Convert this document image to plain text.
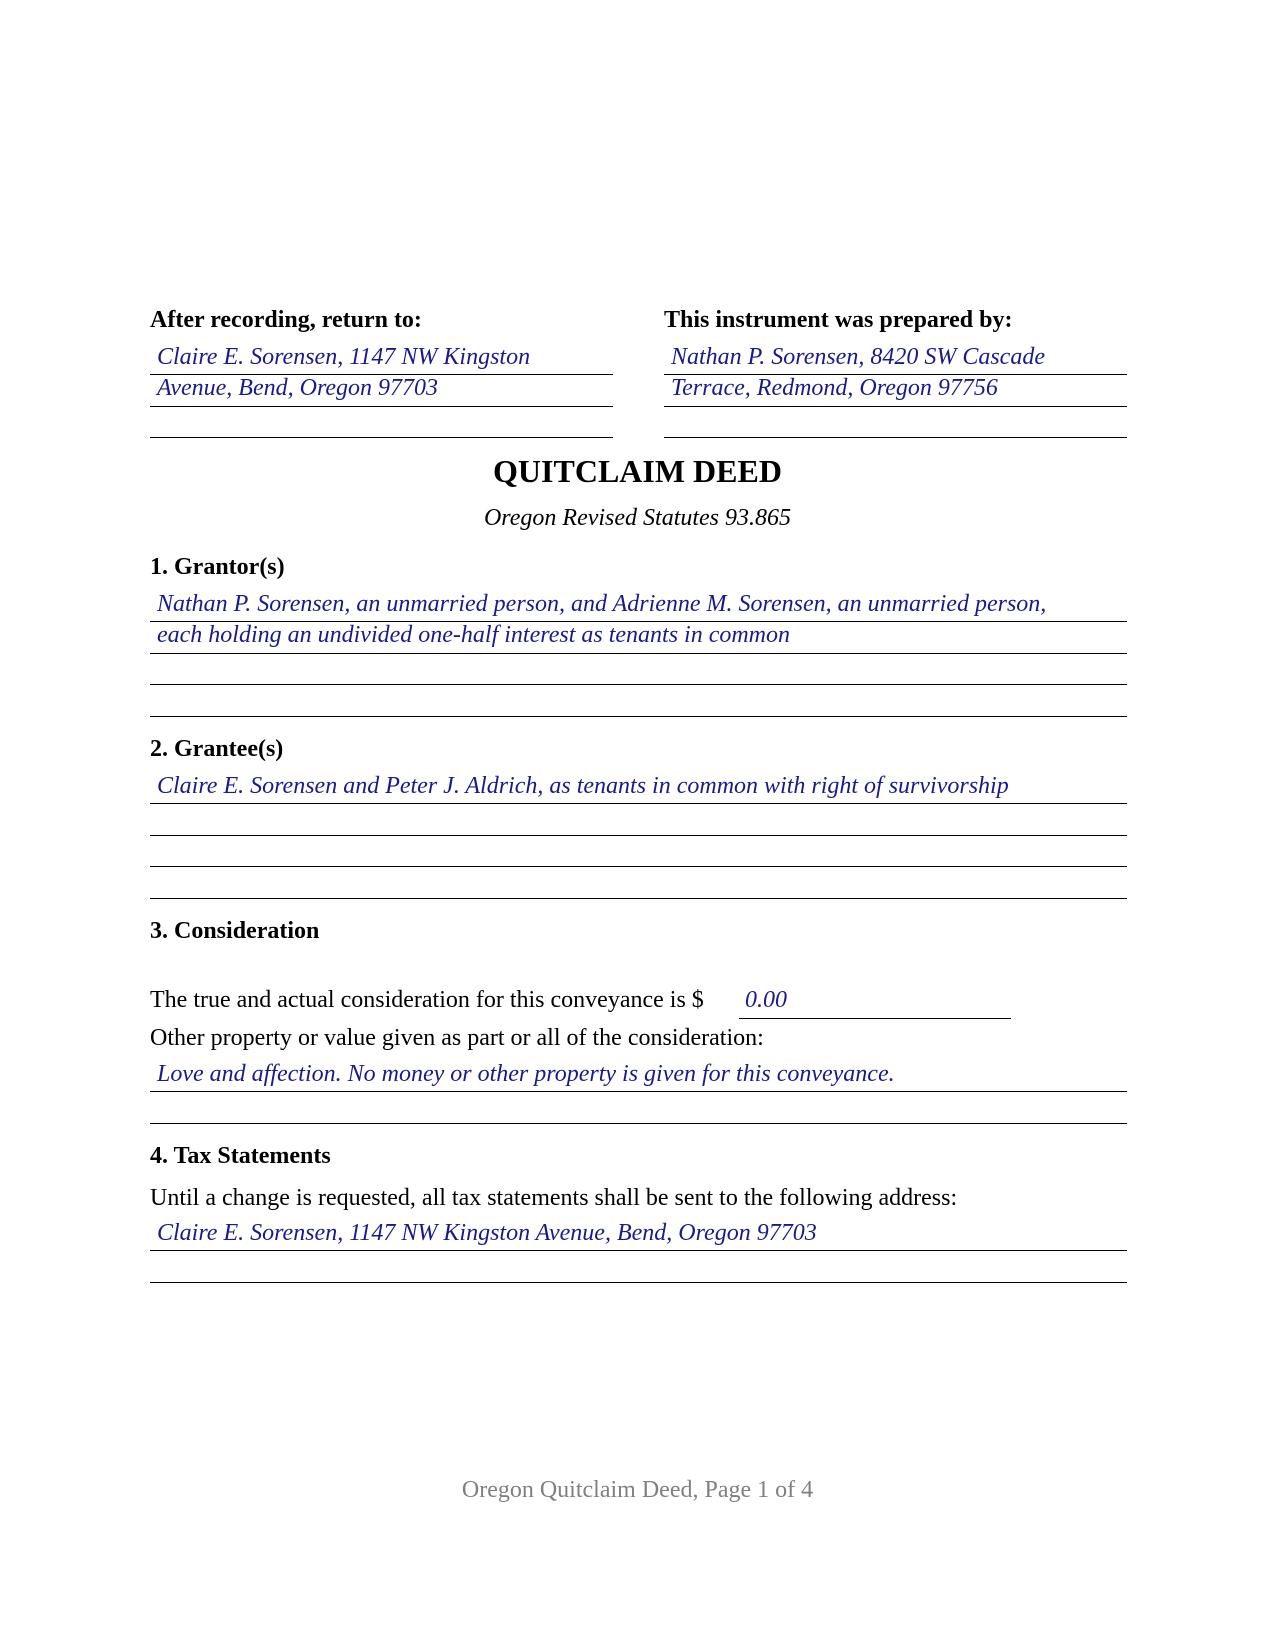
After recording, return to:
Claire E. Sorensen, 1147 NW Kingston
Avenue, Bend, Oregon 97703
This instrument was prepared by:
Nathan P. Sorensen, 8420 SW Cascade
Terrace, Redmond, Oregon 97756
QUITCLAIM DEED
Oregon Revised Statutes 93.865
1. Grantor(s)
Nathan P. Sorensen, an unmarried person, and Adrienne M. Sorensen, an unmarried person,
each holding an undivided one-half interest as tenants in common
2. Grantee(s)
Claire E. Sorensen and Peter J. Aldrich, as tenants in common with right of survivorship
3. Consideration
The true and actual consideration for this conveyance is $ 0.00
Other property or value given as part or all of the consideration:
Love and affection. No money or other property is given for this conveyance.
4. Tax Statements
Until a change is requested, all tax statements shall be sent to the following address:
Claire E. Sorensen, 1147 NW Kingston Avenue, Bend, Oregon 97703
Oregon Quitclaim Deed, Page 1 of 4
